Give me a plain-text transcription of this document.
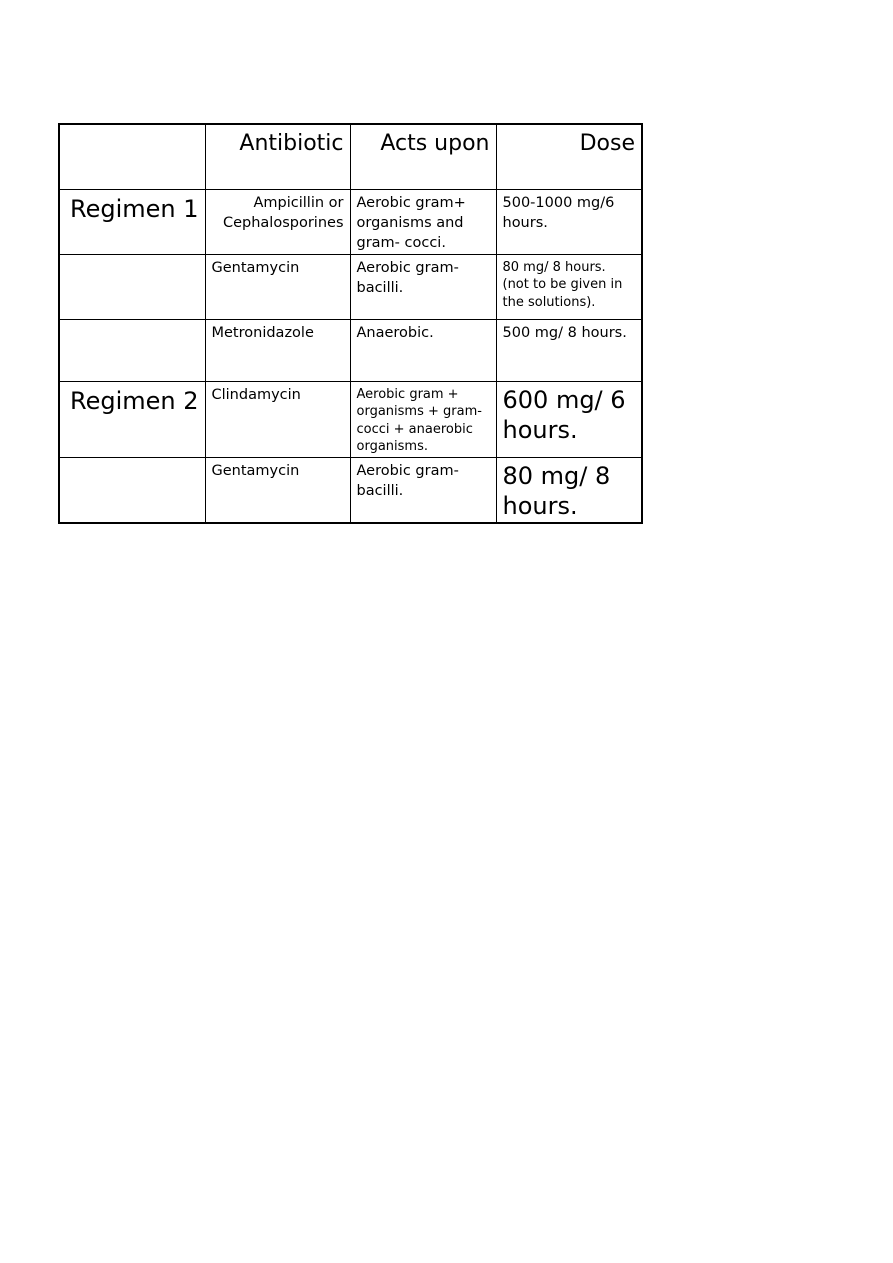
	Antibiotic	Acts upon	Dose
Regimen 1	Ampicillin or Cephalosporines	Aerobic gram+ organisms and gram- cocci.	500-1000 mg/6 hours.
	Gentamycin	Aerobic gram- bacilli.	80 mg/ 8 hours. (not to be given in the solutions).
	Metronidazole	Anaerobic.	500 mg/ 8 hours.
Regimen 2	Clindamycin	Aerobic gram + organisms + gram- cocci + anaerobic organisms.	600 mg/ 6 hours.
	Gentamycin	Aerobic gram- bacilli.	80 mg/ 8 hours.
